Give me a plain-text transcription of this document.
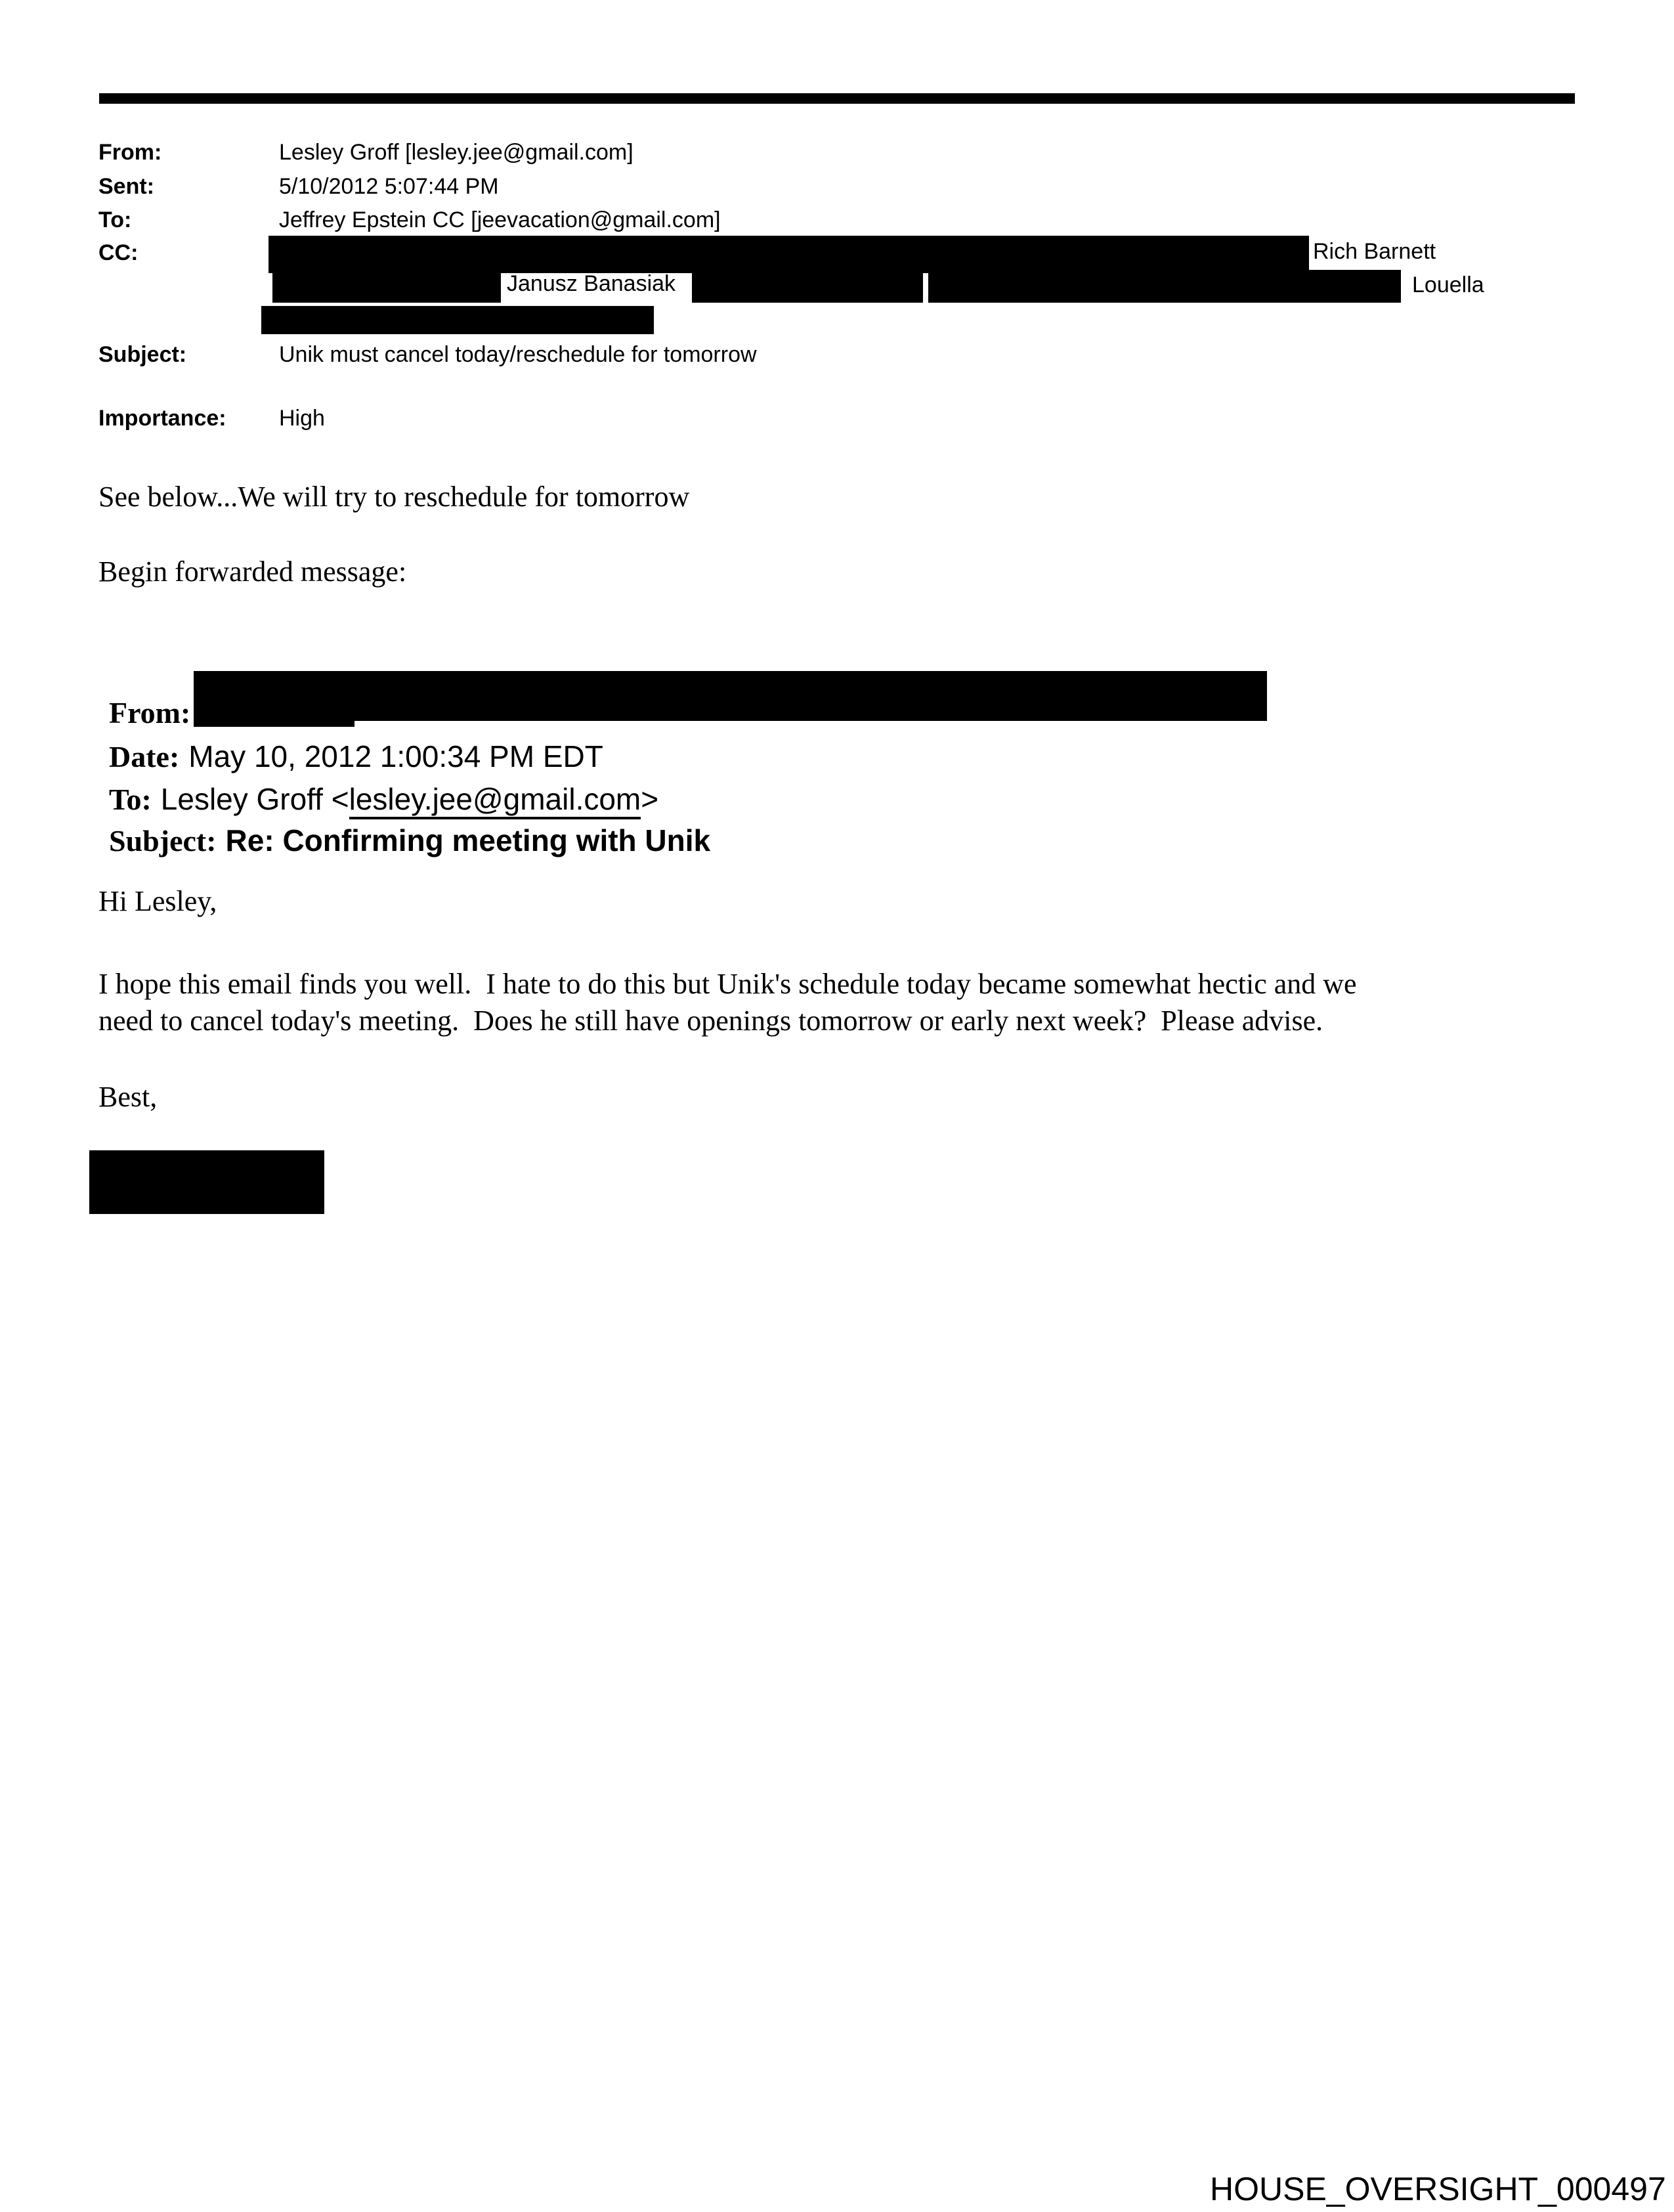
From:	Lesley Groff [lesley.jee@gmail.com]
Sent:	5/10/2012 5:07:44 PM
To:	Jeffrey Epstein CC [jeevacation@gmail.com]
CC:	Rich Barnett
Janusz Banasiak	Louella
Subject:	Unik must cancel today/reschedule for tomorrow
Importance: High
See below...We will try to reschedule for tomorrow
Begin forwarded message:

From:

Date: May 10, 2012 1:00:34 PM EDT

To: Lesley Groff <lesley.jee@gmail.com>

Subject: Re: Confirming meeting with Unik

Hi Lesley,
I hope this email finds you well.  I hate to do this but Unik's schedule today became somewhat hectic and we
need to cancel today's meeting.  Does he still have openings tomorrow or early next week?  Please advise.
Best,
HOUSE_OVERSIGHT_000497
